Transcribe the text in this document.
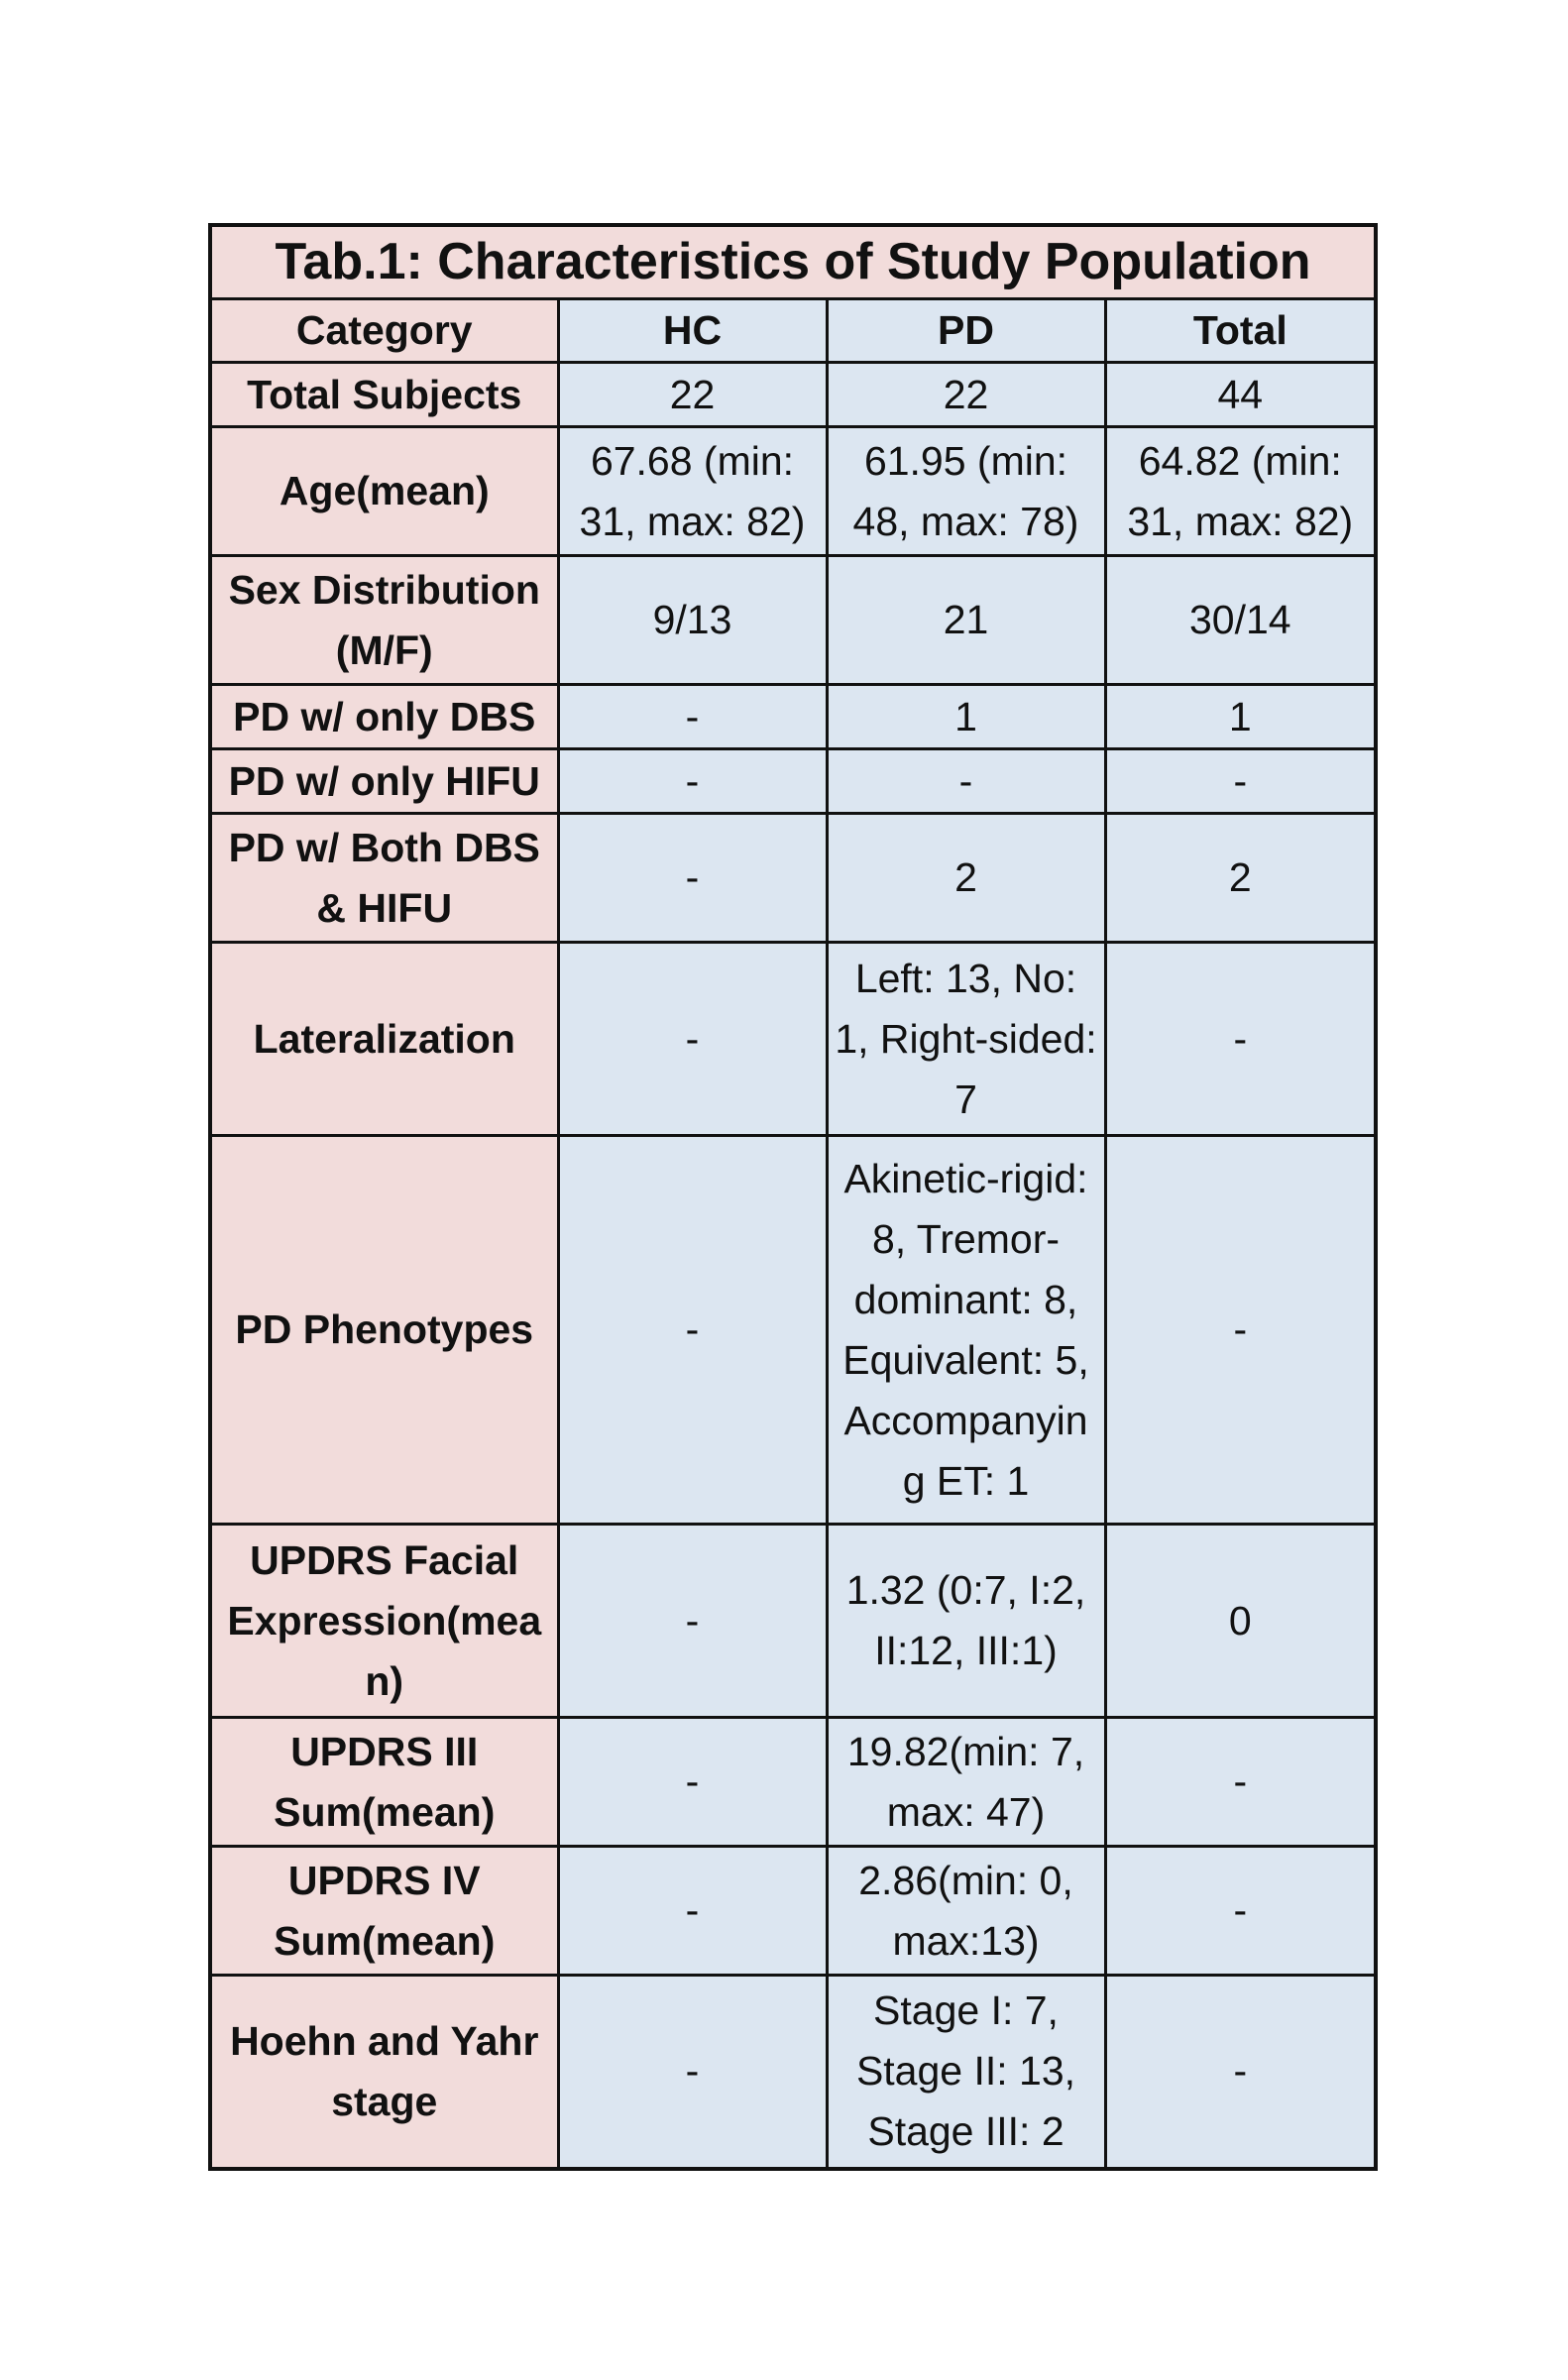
Tab.1: Characteristics of Study Population			
Category	HC	PD	Total
Total Subjects	22	22	44
Age(mean)	67.68 (min: 31, max: 82)	61.95 (min: 48, max: 78)	64.82 (min: 31, max: 82)
Sex Distribution (M/F)	9/13	21	30/14
PD w/ only DBS	-	1	1
PD w/ only HIFU	-	-	-
PD w/ Both DBS & HIFU	-	2	2
Lateralization	-	Left: 13, No: 1, Right-sided: 7	-
PD Phenotypes	-	Akinetic-rigid: 8, Tremor-dominant: 8, Equivalent: 5, Accompanying ET: 1	-
UPDRS Facial Expression(mean)	-	1.32 (0:7, I:2, II:12, III:1)	0
UPDRS III Sum(mean)	-	19.82(min: 7, max: 47)	-
UPDRS IV Sum(mean)	-	2.86(min: 0, max:13)	-
Hoehn and Yahr stage	-	Stage I: 7, Stage II: 13, Stage III: 2	-
